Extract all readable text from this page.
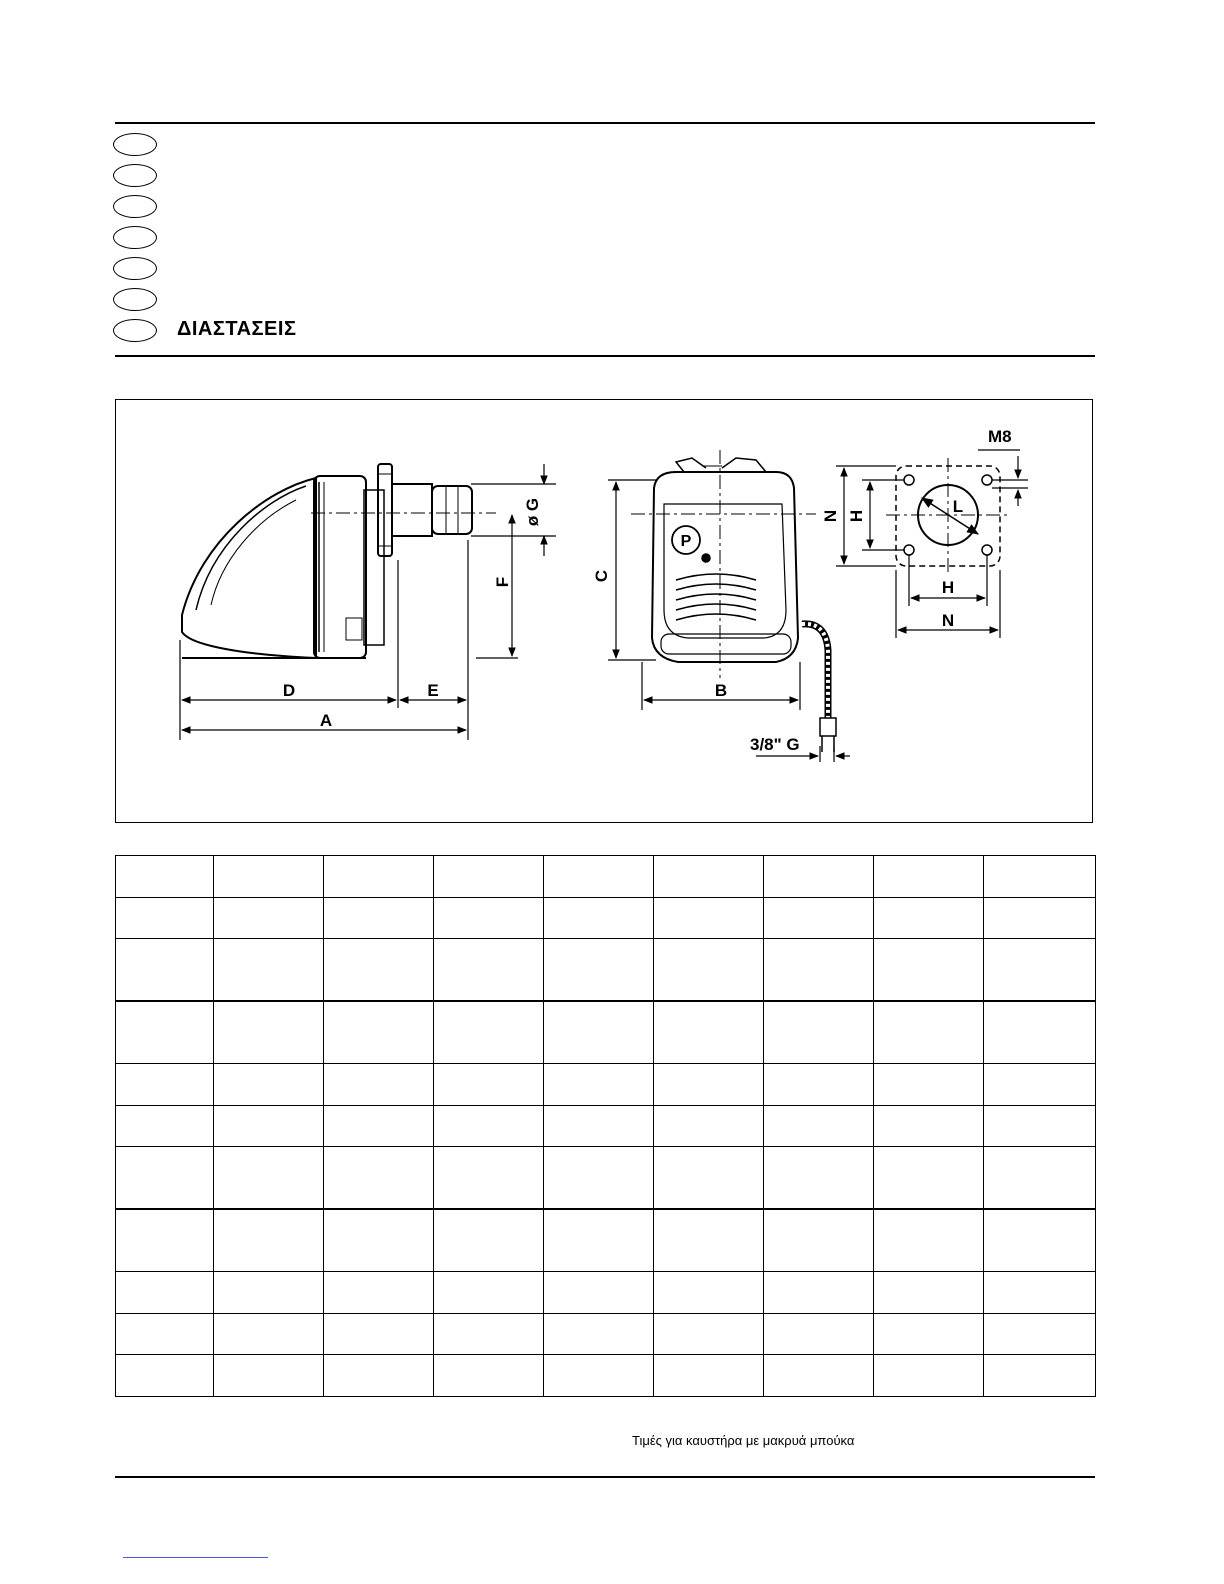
ΔΙΑΣΤΑΣΕΙΣ
D	E
A
B
C
F
ø G	N H
H
N
L
M8
3/8" G
P

Τιμές για καυστήρα με μακρυά μπούκα
